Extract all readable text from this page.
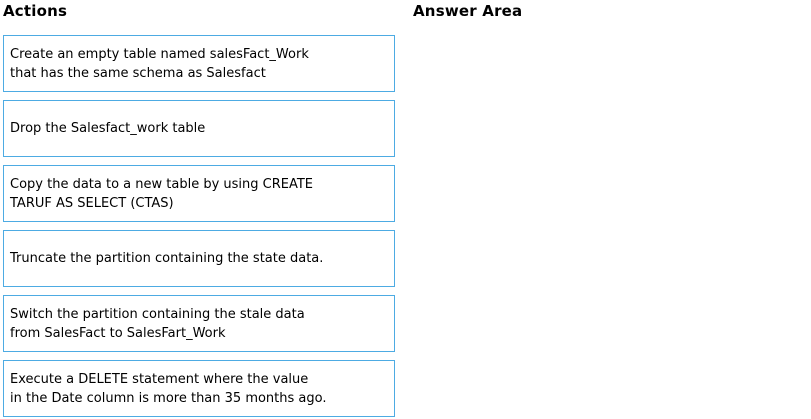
Actions
Create an empty table named salesFact_Work
that has the same schema as Salesfact
Drop the Salesfact_work table
Copy the data to a new table by using CREATE
TARUF AS SELECT (CTAS)
Truncate the partition containing the state data.
Switch the partition containing the stale data
from SalesFact to SalesFart_Work
Execute a DELETE statement where the value
in the Date column is more than 35 months ago.
Answer Area
